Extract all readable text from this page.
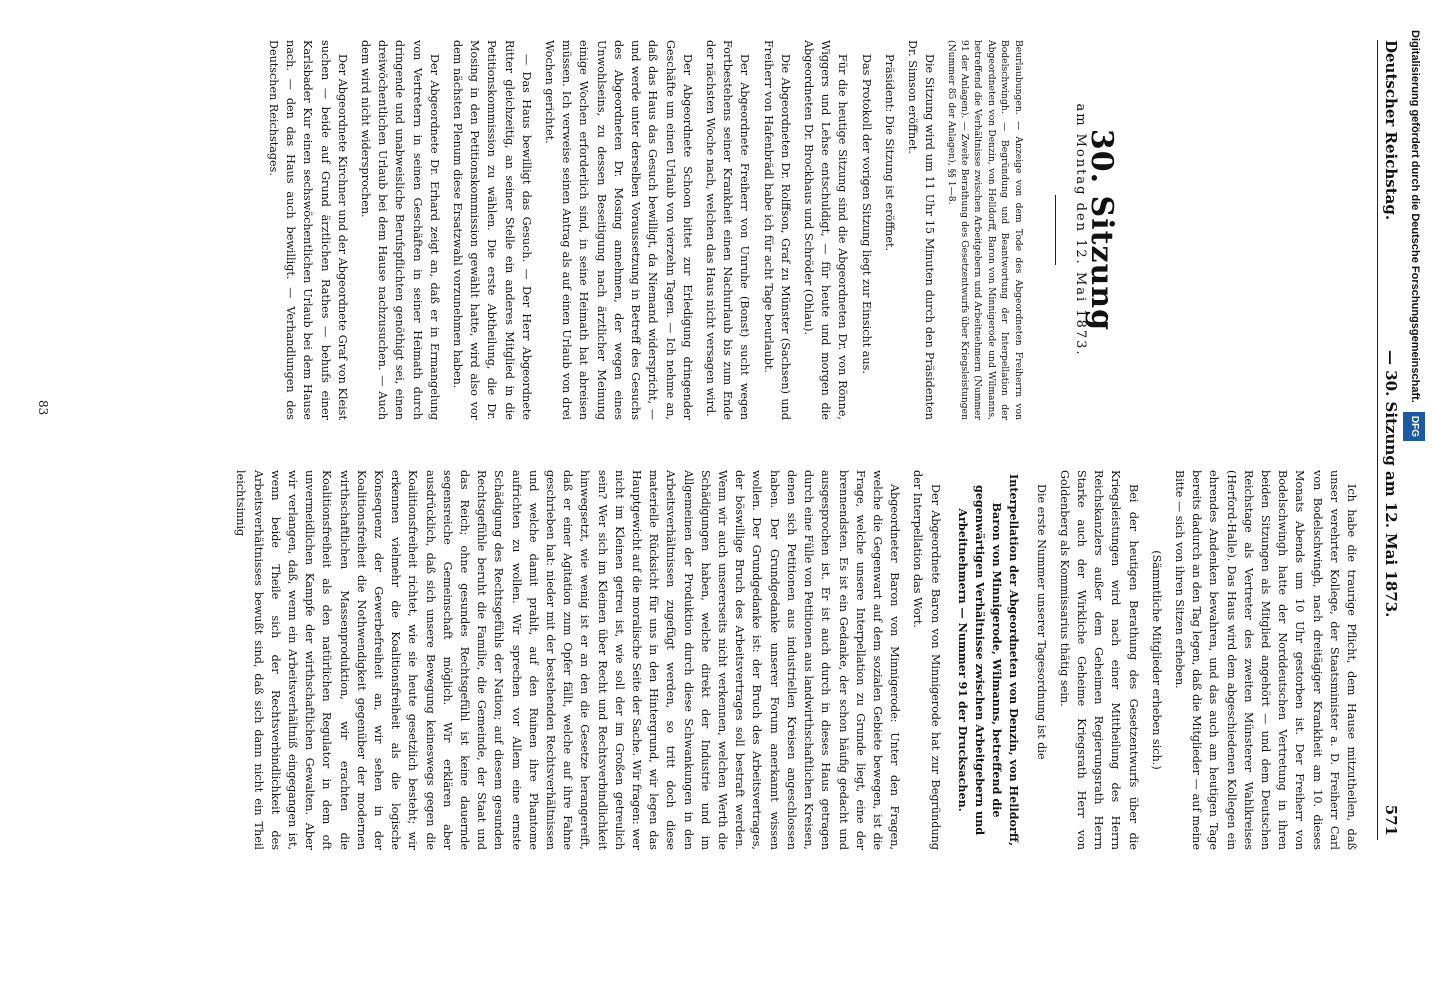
Deutscher Reichstag.
— 30. Sitzung am 12. Mai 1873.
571
30. Sitzung
am Montag den 12. Mai 1873.

Beurlaubungen. — Anzeige von dem Tode des Abgeordneten Freiherrn von Bodelschwingh. — Begründung und Beantwortung der Interpellation der Abgeordneten von Denzin, von Helldorff, Baron von Minnigerode und Wilmanns, betreffend die Verhältnisse zwischen Arbeitgebern und Arbeitnehmern (Nummer 91 der Anlagen). — Zweite Berathung des Gesetzentwurfs über Kriegsleistungen (Nummer 85 der Anlagen), §§ 1—8.

Die Sitzung wird um 11 Uhr 15 Minuten durch den Präsidenten Dr. Simson eröffnet.

Präsident: Die Sitzung ist eröffnet.

Das Protokoll der vorigen Sitzung liegt zur Einsicht aus.

Für die heutige Sitzung sind die Abgeordneten Dr. von Rönne, Wiggers und Lehse entschuldigt, — für heute und morgen die Abgeordneten Dr. Brockhaus und Schröder (Ohlau).

Die Abgeordneten Dr. Rolffson, Graf zu Münster (Sachsen) und Freiherr von Hafenbrädl habe ich für acht Tage beurlaubt.

Der Abgeordnete Freiherr von Unruhe (Bonst) sucht wegen Fortbestehens seiner Krankheit einen Nachurlaub bis zum Ende der nächsten Woche nach, welchen das Haus nicht versagen wird.

Der Abgeordnete Schoon bittet zur Erledigung dringender Geschäfte um einen Urlaub von vierzehn Tagen. — Ich nehme an, daß das Haus das Gesuch bewilligt, da Niemand widerspricht, — und werde unter derselben Voraussetzung in Betreff des Gesuchs des Abgeordneten Dr. Mosing annehmen, der wegen eines Unwohlseins, zu dessen Beseitigung nach ärztlicher Meinung einige Wochen erforderlich sind, in seine Heimath hat abreisen müssen. Ich verweise seinen Antrag als auf einen Urlaub von drei Wochen gerichtet.

— Das Haus bewilligt das Gesuch. — Der Herr Abgeordnete Ritter gleichzeitig, an seiner Stelle ein anderes Mitglied in die Petitionskommission zu wählen. Die erste Abtheilung, die Dr. Mosing in den Petitionskommission gewählt hatte, wird also vor dem nächsten Plenum diese Ersatzwahl vorzunehmen haben.

Der Abgeordnete Dr. Erhard zeigt an, daß er in Ermangelung von Vertretern in seinen Geschäften in seiner Heimath durch dringende und unabweisliche Berufspflichten genöthigt sei, einen dreiwöchentlichen Urlaub bei dem Hause nachzusuchen. — Auch dem wird nicht widersprochen.

Der Abgeordnete Kirchner und der Abgeordnete Graf von Kleist suchen — beide auf Grund ärztlichen Rathes — behufs einer Karlsbader Kur einen sechswöchentlichen Urlaub bei dem Hause nach. — den das Haus auch bewilligt. — Verhandlungen des Deutschen Reichstages.

Ich habe die traurige Pflicht, dem Hause mitzutheilen, daß unser verehrter Kollege, der Staatsminister a. D. Freiherr Carl von Bodelschwingh, nach dreitägiger Krankheit am 10. dieses Monats Abends um 10 Uhr gestorben ist. Der Freiherr von Bodelschwingh hatte der Norddeutschen Vertretung in ihren beiden Sitzungen als Mitglied angehört — und dem Deutschen Reichstage als Vertreter des zweiten Münsterer Wahlkreises (Herford-Halle). Das Haus wird dem abgeschiedenen Kollegen ein ehrendes Andenken bewahren, und das auch am heutigen Tage bereits dadurch an den Tag legen, daß die Mitglieder — auf meine Bitte — sich von ihren Sitzen erheben.

(Sämmtliche Mitglieder erheben sich.)

Bei der heutigen Berathung des Gesetzentwurfs über die Kriegsleistungen wird nach einer Mittheilung des Herrn Reichskanzlers außer dem Geheimen Regierungsrath Herrn Starke auch der Wirkliche Geheime Kriegsrath Herr von Goldenberg als Kommissarius thätig sein.

Die erste Nummer unserer Tagesordnung ist die

Interpellation der Abgeordneten von Denzin, von Helldorff, Baron von Minnigerode, Wilmanns, betreffend die gegenwärtigen Verhältnisse zwischen Arbeitgebern und Arbeitnehmern — Nummer 91 der Drucksachen.

Der Abgeordnete Baron von Minnigerode hat zur Begründung der Interpellation das Wort.

Abgeordneter Baron von Minnigerode: Unter den Fragen, welche die Gegenwart auf dem sozialen Gebiete bewegen, ist die Frage, welche unsere Interpellation zu Grunde liegt, eine der brennendsten. Es ist ein Gedanke, der schon häufig gedacht und ausgesprochen ist. Er ist auch durch in dieses Haus getragen durch eine Fülle von Petitionen aus landwirthschaftlichen Kreisen, denen sich Petitionen aus industriellen Kreisen angeschlossen haben. Der Grundgedanke unserer Forum anerkannt wissen wollen. Der Grundgedanke ist: der Bruch des Arbeitsvertrages, der böswillige Bruch des Arbeitsvertrages soll bestraft werden. Wenn wir auch unsererseits nicht verkennen, welchen Werth die Schädigungen haben, welche direkt der Industrie und im Allgemeinen der Produktion durch diese Schwankungen in den Arbeitsverhältnissen zugefügt werden, so tritt doch diese materielle Rücksicht für uns in den Hintergrund, wir legen das Hauptgewicht auf die moralische Seite der Sache. Wir fragen: wer nicht im Kleinen getreu ist, wie soll der im Großen getreulich sein? Wer sich im Kleinen über Recht und Rechtsverbindlichkeit hinwegsetzt, wie wenig ist er an den die Gesetze herangereift, daß er einer Agitation zum Opfer fällt, welche auf ihre Fahne geschrieben hat: nieder mit der bestehenden Rechtsverhältnissen und welche damit prahlt, auf den Ruinen ihre Phantome aufrichten zu wollen. Wir sprechen vor Allem eine ernste Schädigung des Rechtsgefühls der Nation; auf diesem gesunden Rechtsgefühle beruht die Familie, die Gemeinde, der Staat und das Reich; ohne gesundes Rechtsgefühl ist keine dauernde segensreiche Gemeinschaft möglich. Wir erklären aber ausdrücklich, daß sich unsere Bewegung keineswegs gegen die Koalitionsfreiheit richtet, wie sie heute gesetzlich besteht; wir erkennen vielmehr die Koalitionsfreiheit als die logische Konsequenz der Gewerbefreiheit an, wir sehen in der Koalitionsfreiheit die Nothwendigkeit gegenüber der modernen wirthschaftlichen Massenproduktion, wir erachten die Koalitionsfreiheit als den natürlichen Regulator in dem oft unvermeidlichen Kampfe der wirthschaftlichen Gewalten. Aber wir verlangen, daß, wenn ein Arbeitsverhältniß eingegangen ist, wenn beide Theile sich der Rechtsverbindlichkeit des Arbeitsverhältnisses bewußt sind, daß sich dann nicht ein Theil leichtsinnig

83
Digitalisierung gefördert durch die Deutsche Forschungsgemeinschaft. DFG
